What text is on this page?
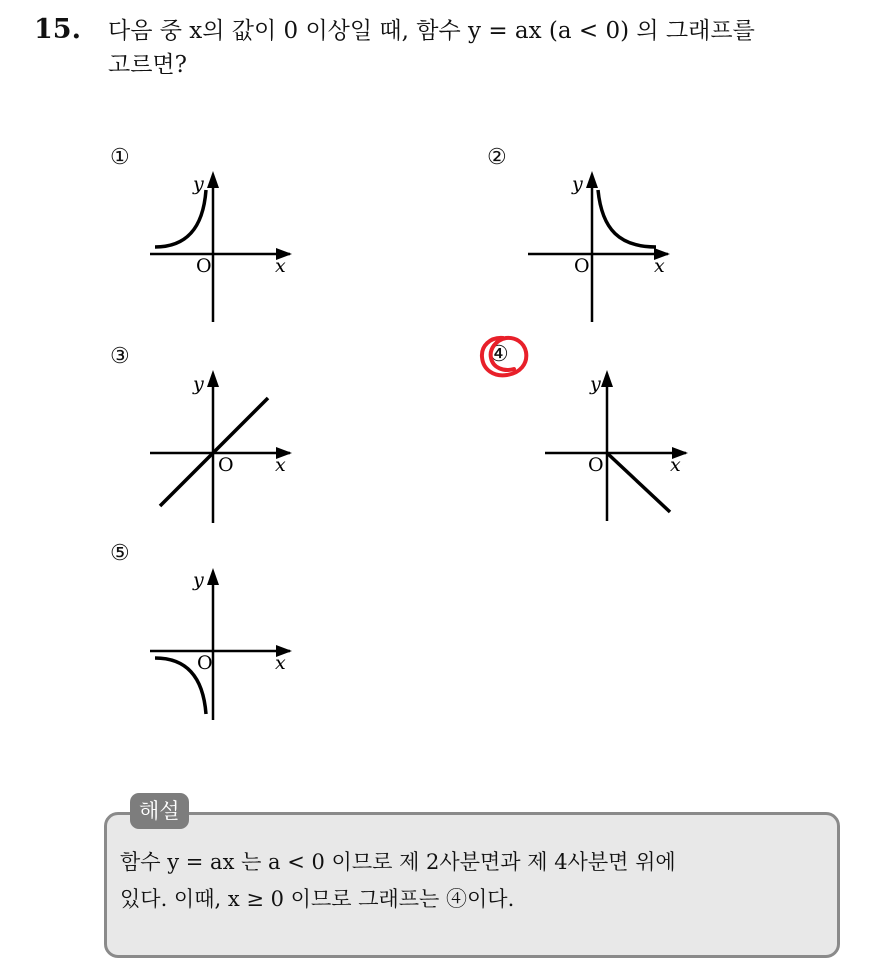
15. 다음 중 x의 값이 0 이상일 때, 함수 y = ax (a < 0) 의 그래프를
고르면?
①
y
O	x
②
y
O	x
③
y
O x
④
y
O	x
⑤
y
O	x
해설
함수 y = ax 는 a < 0 이므로 제 2사분면과 제 4사분면 위에
있다. 이때, x ≥ 0 이므로 그래프는 ④이다.
